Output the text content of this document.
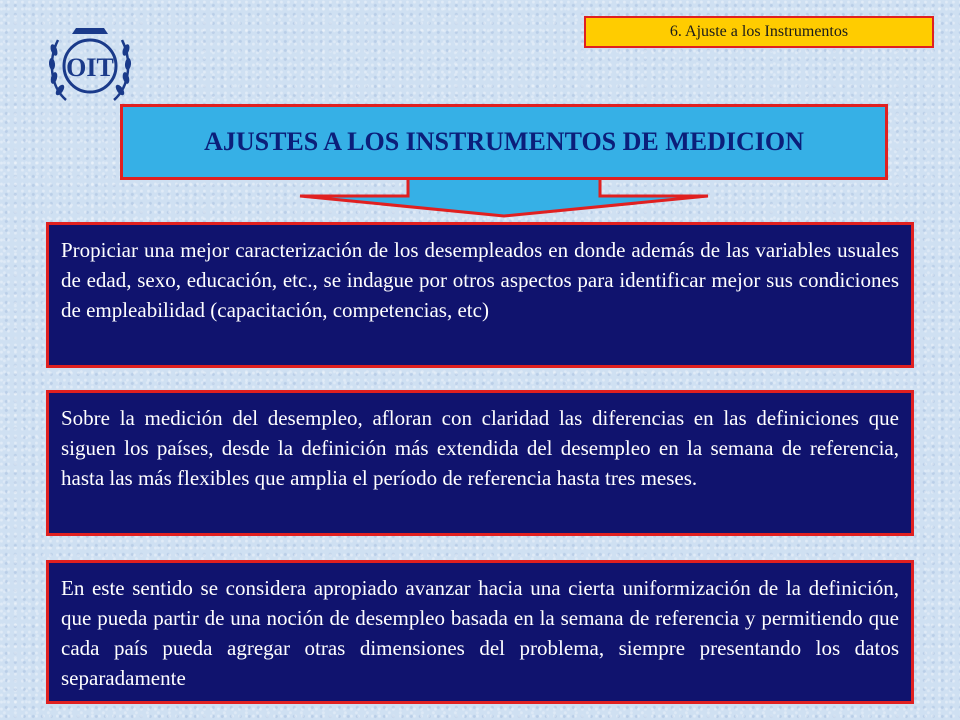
OIT
6. Ajuste a los Instrumentos
AJUSTES A LOS INSTRUMENTOS DE MEDICION
Propiciar una mejor caracterización de los desempleados en donde además de las variables usuales de edad, sexo, educación, etc., se indague por otros aspectos para identificar mejor sus condiciones de empleabilidad (capacitación, competencias, etc)
Sobre la medición del desempleo, afloran con claridad las diferencias en las definiciones que siguen los países, desde la definición más extendida del desempleo en la semana de referencia, hasta las más flexibles que amplia el período de referencia hasta tres meses.
En este sentido se considera apropiado avanzar hacia una cierta uniformización de la definición, que pueda partir de una noción de desempleo basada en la semana de referencia y permitiendo que cada país pueda agregar otras dimensiones del problema, siempre presentando los datos separadamente
